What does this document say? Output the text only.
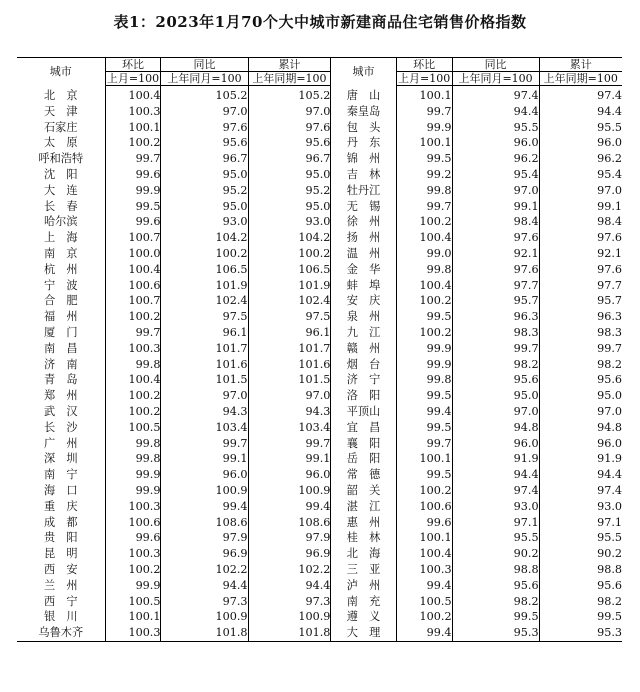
表1：2023年1月70个大中城市新建商品住宅销售价格指数
城市	环比	同比	累计	城市	环比	同比	累计
	上月=100	上年同月=100	上年同期=100		上月=100	上年同月=100	上年同期=100
北　京	100.4	105.2	105.2	唐　山	100.1	97.4	97.4
天　津	100.3	97.0	97.0	秦皇岛	99.7	94.4	94.4
石家庄	100.1	97.6	97.6	包　头	99.9	95.5	95.5
太　原	100.2	95.6	95.6	丹　东	100.1	96.0	96.0
呼和浩特	99.7	96.7	96.7	锦　州	99.5	96.2	96.2
沈　阳	99.6	95.0	95.0	吉　林	99.2	95.4	95.4
大　连	99.9	95.2	95.2	牡丹江	99.8	97.0	97.0
长　春	99.5	95.0	95.0	无　锡	99.7	99.1	99.1
哈尔滨	99.6	93.0	93.0	徐　州	100.2	98.4	98.4
上　海	100.7	104.2	104.2	扬　州	100.4	97.6	97.6
南　京	100.0	100.2	100.2	温　州	99.0	92.1	92.1
杭　州	100.4	106.5	106.5	金　华	99.8	97.6	97.6
宁　波	100.6	101.9	101.9	蚌　埠	100.4	97.7	97.7
合　肥	100.7	102.4	102.4	安　庆	100.2	95.7	95.7
福　州	100.2	97.5	97.5	泉　州	99.5	96.3	96.3
厦　门	99.7	96.1	96.1	九　江	100.2	98.3	98.3
南　昌	100.3	101.7	101.7	赣　州	99.9	99.7	99.7
济　南	99.8	101.6	101.6	烟　台	99.9	98.2	98.2
青　岛	100.4	101.5	101.5	济　宁	99.8	95.6	95.6
郑　州	100.2	97.0	97.0	洛　阳	99.5	95.0	95.0
武　汉	100.2	94.3	94.3	平顶山	99.4	97.0	97.0
长　沙	100.5	103.4	103.4	宜　昌	99.5	94.8	94.8
广　州	99.8	99.7	99.7	襄　阳	99.7	96.0	96.0
深　圳	99.8	99.1	99.1	岳　阳	100.1	91.9	91.9
南　宁	99.9	96.0	96.0	常　德	99.5	94.4	94.4
海　口	99.9	100.9	100.9	韶　关	100.2	97.4	97.4
重　庆	100.3	99.4	99.4	湛　江	100.6	93.0	93.0
成　都	100.6	108.6	108.6	惠　州	99.6	97.1	97.1
贵　阳	99.6	97.9	97.9	桂　林	100.1	95.5	95.5
昆　明	100.3	96.9	96.9	北　海	100.4	90.2	90.2
西　安	100.2	102.2	102.2	三　亚	100.3	98.8	98.8
兰　州	99.9	94.4	94.4	泸　州	99.4	95.6	95.6
西　宁	100.5	97.3	97.3	南　充	100.5	98.2	98.2
银　川	100.1	100.9	100.9	遵　义	100.2	99.5	99.5
乌鲁木齐	100.3	101.8	101.8	大　理	99.4	95.3	95.3
